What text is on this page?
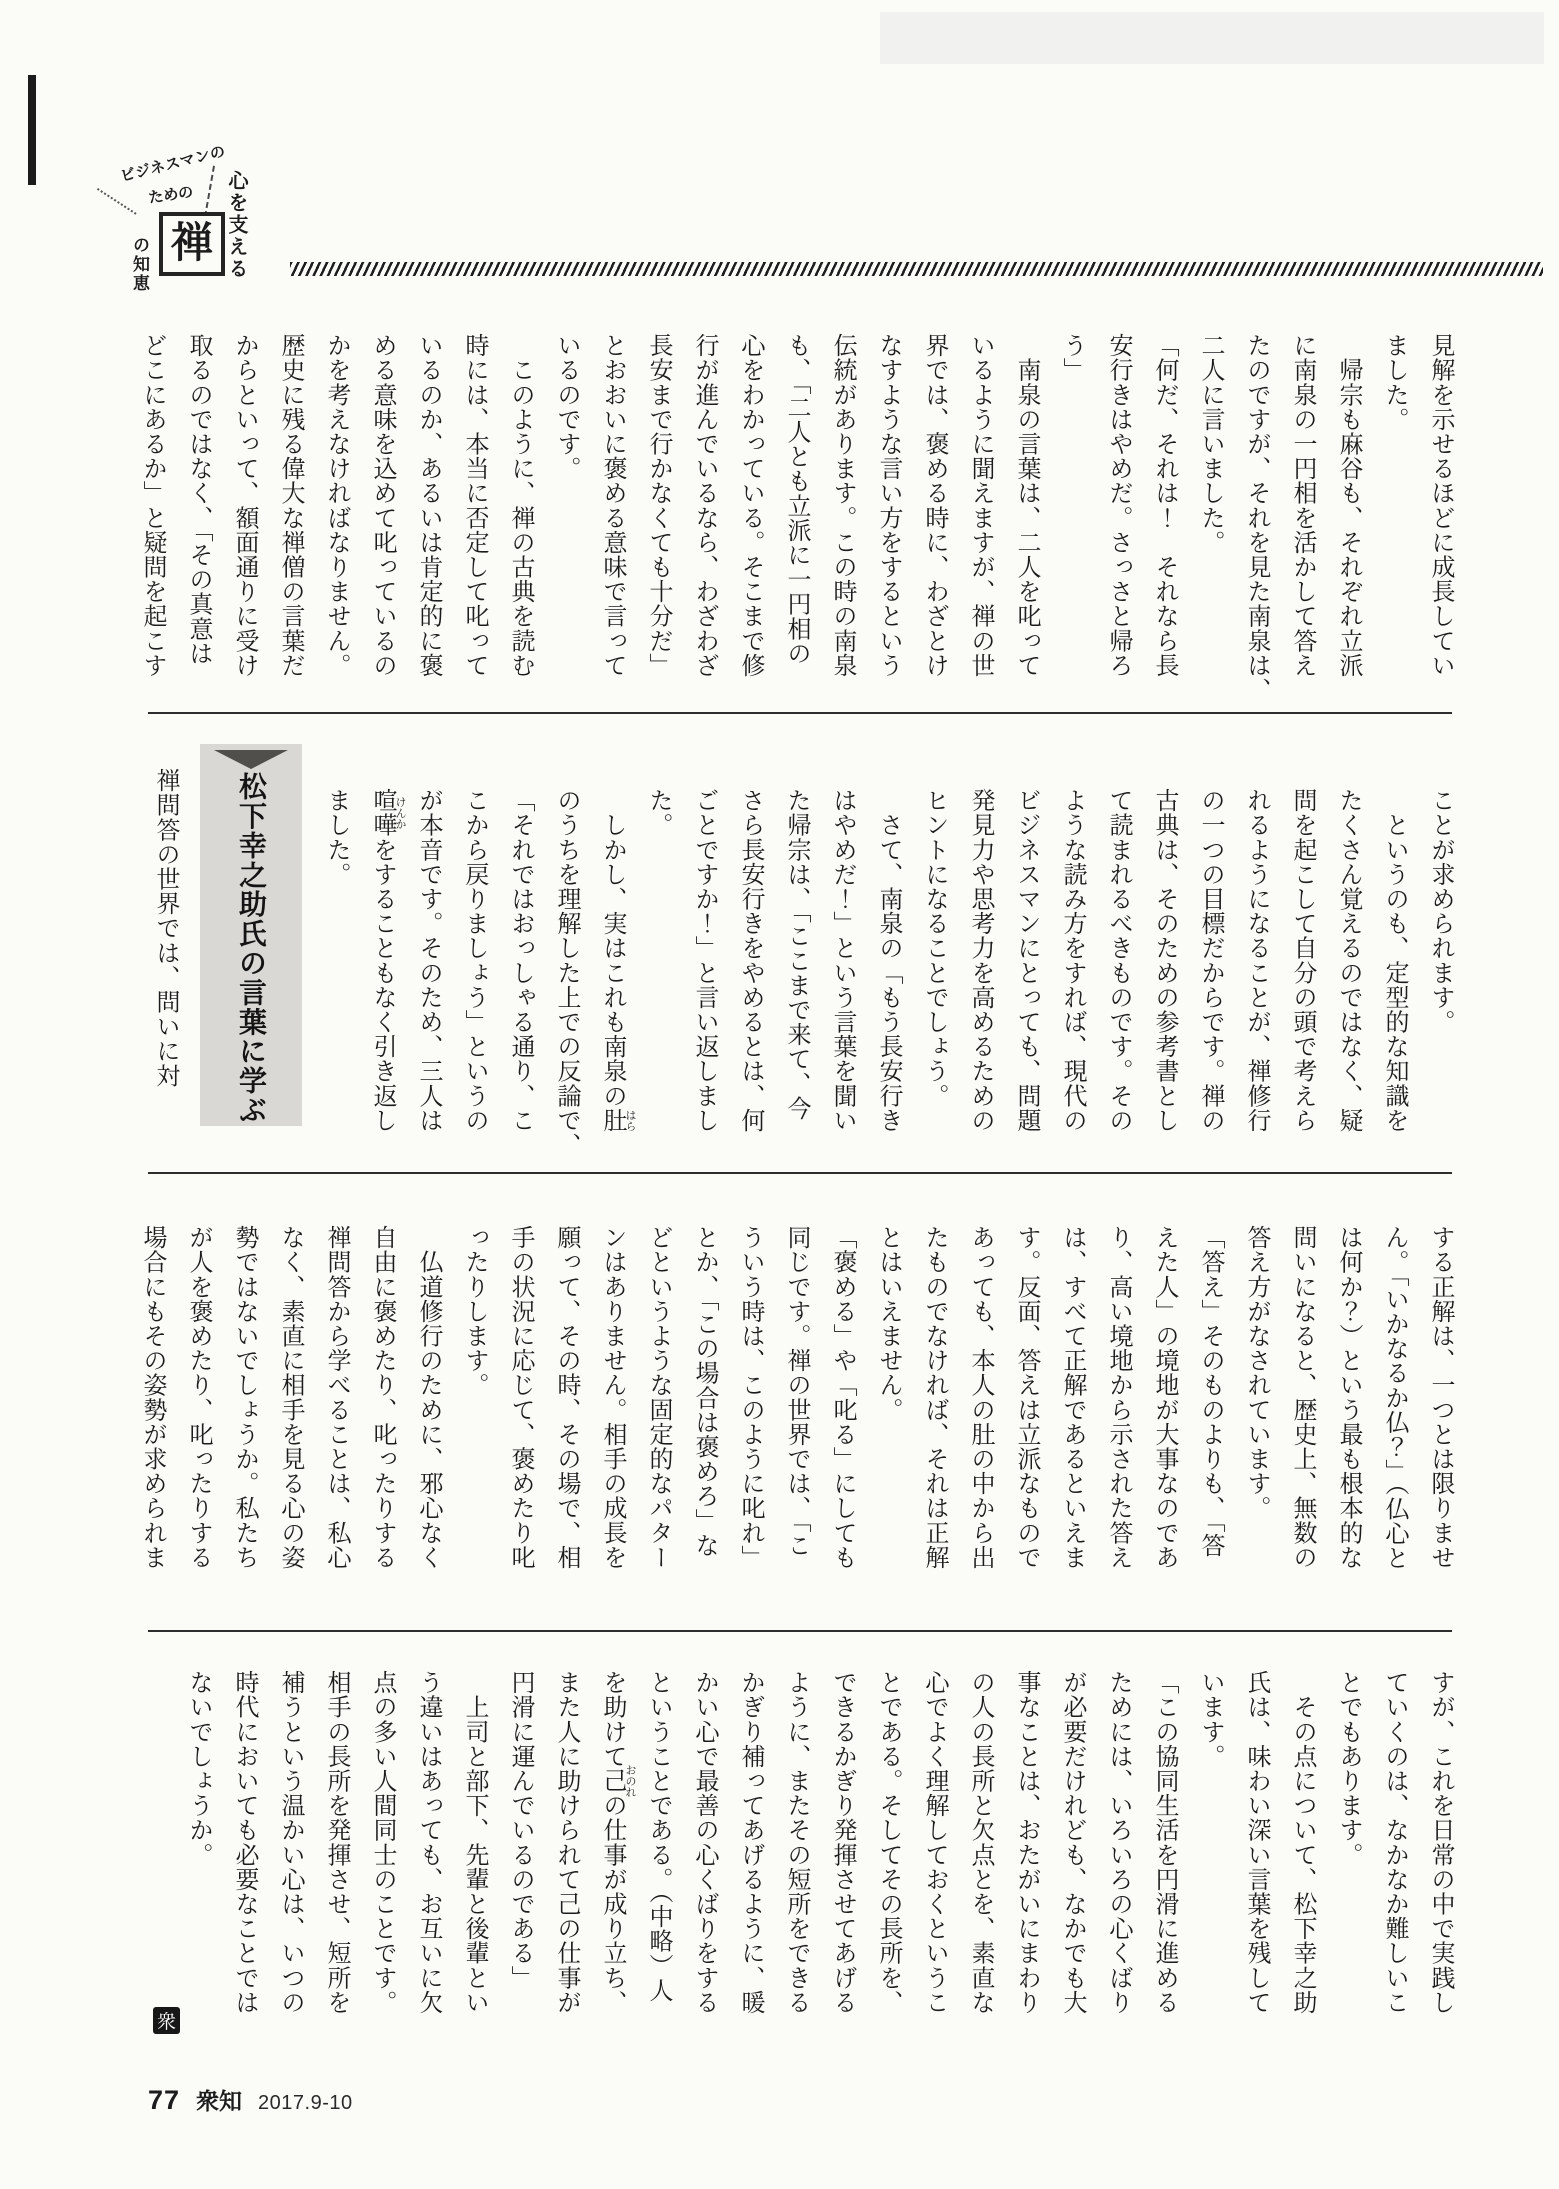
ビジネスマンの
ための 心を支える
禅
の知恵
見解を示せるほどに成長してい
ました。
　帰宗も麻谷も、それぞれ立派
に南泉の一円相を活かして答え
たのですが、それを見た南泉は、
二人に言いました。
「何だ、それは！　それなら長
安行きはやめだ。さっさと帰ろ
う」
　南泉の言葉は、二人を叱って
いるように聞えますが、禅の世
界では、褒める時に、わざとけ
なすような言い方をするという
伝統があります。この時の南泉
も、「二人とも立派に一円相の
心をわかっている。そこまで修
行が進んでいるなら、わざわざ
長安まで行かなくても十分だ」
とおおいに褒める意味で言って
いるのです。
　このように、禅の古典を読む
時には、本当に否定して叱って
いるのか、あるいは肯定的に褒
める意味を込めて叱っているの
かを考えなければなりません。
歴史に残る偉大な禅僧の言葉だ
からといって、額面通りに受け
取るのではなく、「その真意は
どこにあるか」と疑問を起こす
ことが求められます。
　というのも、定型的な知識を
たくさん覚えるのではなく、疑
問を起こして自分の頭で考えら
れるようになることが、禅修行
の一つの目標だからです。禅の
古典は、そのための参考書とし
て読まれるべきものです。その
ような読み方をすれば、現代の
ビジネスマンにとっても、問題
発見力や思考力を高めるための
ヒントになることでしょう。
　さて、南泉の「もう長安行き
はやめだ！」という言葉を聞い
た帰宗は、「ここまで来て、今
さら長安行きをやめるとは、何
ごとですか！」と言い返しまし
た。
　しかし、実はこれも南泉の肚 はら
のうちを理解した上での反論で、
「それではおっしゃる通り、こ
こから戻りましょう」というの
が本音です。そのため、三人は
喧嘩 けんかをすることもなく引き返し
ました。
松下幸之助氏の言葉に学ぶ
禅問答の世界では、問いに対
する正解は、一つとは限りませ
ん。「いかなるか仏？」（仏心と
は何か？）という最も根本的な
問いになると、歴史上、無数の
答え方がなされています。
「答え」そのものよりも、「答
えた人」の境地が大事なのであ
り、高い境地から示された答え
は、すべて正解であるといえま
す。反面、答えは立派なもので
あっても、本人の肚の中から出
たものでなければ、それは正解
とはいえません。
「褒める」や「叱る」にしても
同じです。禅の世界では、「こ
ういう時は、このように叱れ」
とか、「この場合は褒めろ」な
どというような固定的なパター
ンはありません。相手の成長を
願って、その時、その場で、相
手の状況に応じて、褒めたり叱
ったりします。
　仏道修行のために、邪心なく
自由に褒めたり、叱ったりする
禅問答から学べることは、私心
なく、素直に相手を見る心の姿
勢ではないでしょうか。私たち
が人を褒めたり、叱ったりする
場合にもその姿勢が求められま
すが、これを日常の中で実践し
ていくのは、なかなか難しいこ
とでもあります。
　その点について、松下幸之助
氏は、味わい深い言葉を残して
います。
「この協同生活を円滑に進める
ためには、いろいろの心くばり
が必要だけれども、なかでも大
事なことは、おたがいにまわり
の人の長所と欠点とを、素直な
心でよく理解しておくというこ
とである。そしてその長所を、
できるかぎり発揮させてあげる
ように、またその短所をできる
かぎり補ってあげるように、暖
かい心で最善の心くばりをする
ということである。（中略）人
を助けて己 おのれの仕事が成り立ち、
また人に助けられて己の仕事が
円滑に運んでいるのである」
　上司と部下、先輩と後輩とい
う違いはあっても、お互いに欠
点の多い人間同士のことです。
相手の長所を発揮させ、短所を
補うという温かい心は、いつの
時代においても必要なことでは
ないでしょうか。
衆
77 衆知 2017.9-10
